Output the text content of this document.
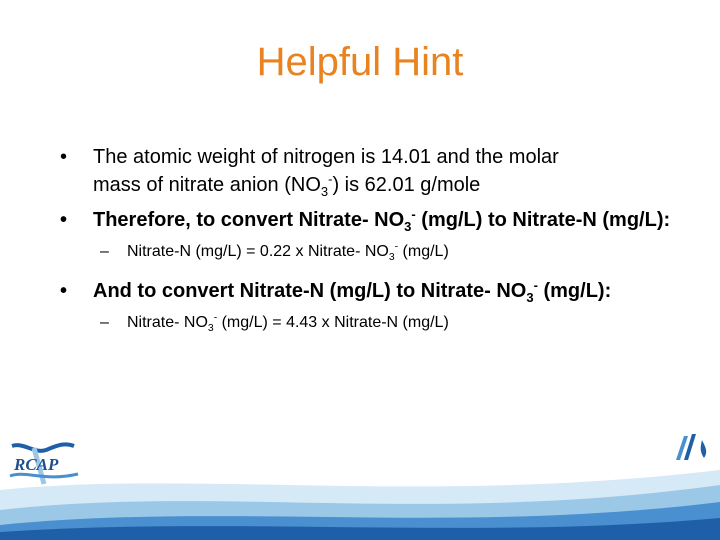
Helpful Hint
• The atomic weight of nitrogen is 14.01 and the molar
mass of nitrate anion $(NO_3^-)$ is 62.01 g/mole
• Therefore, to convert Nitrate- $NO_3^-$ (mg/L) to Nitrate-N (mg/L):
– Nitrate-N (mg/L) = 0.22 x Nitrate- $NO_3^-$ (mg/L)
• And to convert Nitrate-N (mg/L) to Nitrate- $NO_3^-$ (mg/L):
– Nitrate- $NO_3^-$ (mg/L) = 4.43 x Nitrate-N (mg/L)
RCAP
